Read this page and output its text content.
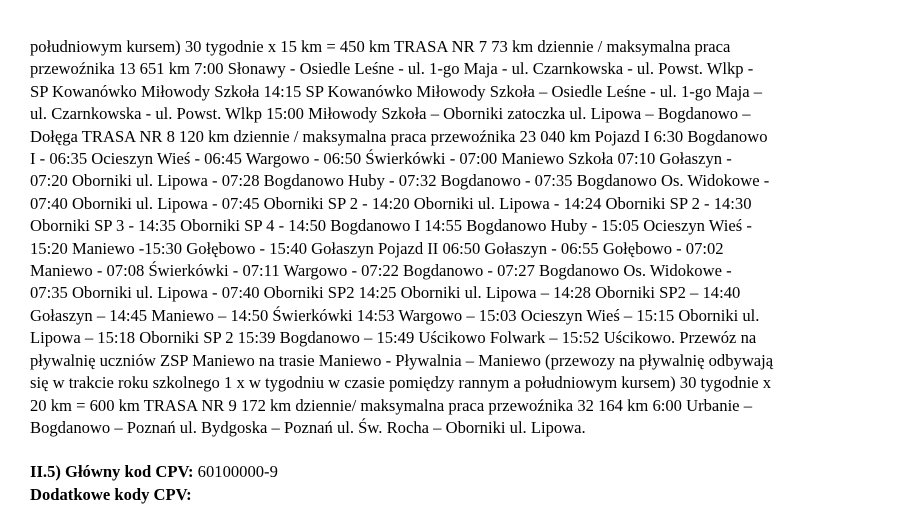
południowym kursem) 30 tygodnie x 15 km = 450 km TRASA NR 7 73 km dziennie / maksymalna praca
przewoźnika 13 651 km 7:00 Słonawy - Osiedle Leśne - ul. 1-go Maja - ul. Czarnkowska - ul. Powst. Wlkp -
SP Kowanówko Miłowody Szkoła 14:15 SP Kowanówko Miłowody Szkoła – Osiedle Leśne - ul. 1-go Maja –
ul. Czarnkowska - ul. Powst. Wlkp 15:00 Miłowody Szkoła – Oborniki zatoczka ul. Lipowa – Bogdanowo –
Dołęga TRASA NR 8 120 km dziennie / maksymalna praca przewoźnika 23 040 km Pojazd I 6:30 Bogdanowo
I - 06:35 Ocieszyn Wieś - 06:45 Wargowo - 06:50 Świerkówki - 07:00 Maniewo Szkoła 07:10 Gołaszyn -
07:20 Oborniki ul. Lipowa - 07:28 Bogdanowo Huby - 07:32 Bogdanowo - 07:35 Bogdanowo Os. Widokowe -
07:40 Oborniki ul. Lipowa - 07:45 Oborniki SP 2 - 14:20 Oborniki ul. Lipowa - 14:24 Oborniki SP 2 - 14:30
Oborniki SP 3 - 14:35 Oborniki SP 4 - 14:50 Bogdanowo I 14:55 Bogdanowo Huby - 15:05 Ocieszyn Wieś -
15:20 Maniewo -15:30 Gołębowo - 15:40 Gołaszyn Pojazd II 06:50 Gołaszyn - 06:55 Gołębowo - 07:02
Maniewo - 07:08 Świerkówki - 07:11 Wargowo - 07:22 Bogdanowo - 07:27 Bogdanowo Os. Widokowe -
07:35 Oborniki ul. Lipowa - 07:40 Oborniki SP2 14:25 Oborniki ul. Lipowa – 14:28 Oborniki SP2 – 14:40
Gołaszyn – 14:45 Maniewo – 14:50 Świerkówki 14:53 Wargowo – 15:03 Ocieszyn Wieś – 15:15 Oborniki ul.
Lipowa – 15:18 Oborniki SP 2 15:39 Bogdanowo – 15:49 Uścikowo Folwark – 15:52 Uścikowo. Przewóz na
pływalnię uczniów ZSP Maniewo na trasie Maniewo - Pływalnia – Maniewo (przewozy na pływalnię odbywają
się w trakcie roku szkolnego 1 x w tygodniu w czasie pomiędzy rannym a południowym kursem) 30 tygodnie x
20 km = 600 km TRASA NR 9 172 km dziennie/ maksymalna praca przewoźnika 32 164 km 6:00 Urbanie –
Bogdanowo – Poznań ul. Bydgoska – Poznań ul. Św. Rocha – Oborniki ul. Lipowa.
II.5) Główny kod CPV: 60100000-9
Dodatkowe kody CPV:
